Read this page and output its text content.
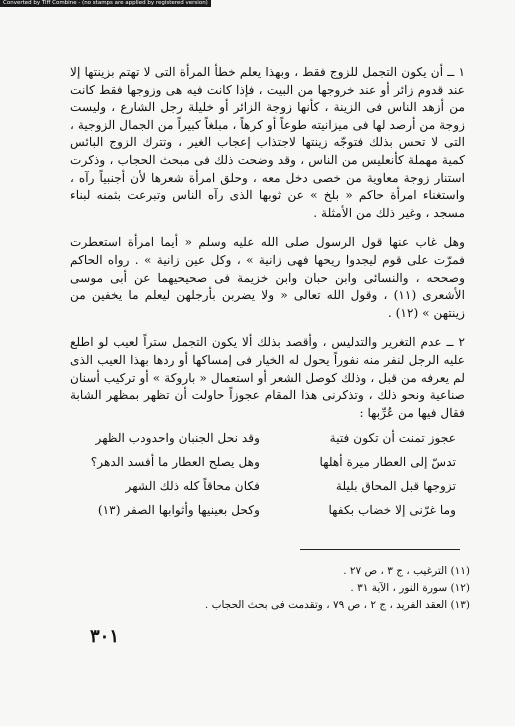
Converted by Tiff Combine - (no stamps are applied by registered version)

١ ــ أن يكون التجمل للزوج فقط ، وبهذا يعلم خطأ المرأة التى لا تهتم بزينتها إلا عند قدوم زائر أو عند خروجها من البيت ، فإذا كانت فيه هى وزوجها فقط كانت من أزهد الناس فى الزينة ، كأنها زوجة الزائر أو خليلة رجل الشارع ، وليست زوجة من أرصد لها فى ميزانيته طوعاً أو كرهاً ، مبلغاً كبيراً من الجمال الزوجية ، التى لا تحس بذلك فتوجّه زينتها لاجتذاب إعجاب الغير ، وتترك الزوج البائس كمية مهملة كأنعليس من الناس ، وقد وضحت ذلك فى مبحث الحجاب ، وذكرت استنار زوجة معاوية من خصى دخل معه ، وحلق امرأة شعرها لأن أجنبياً رآه ، واستغناء امرأة حاكم « بلخ » عن ثوبها الذى رآه الناس وتبرعت بثمنه لبناء مسجد ، وغير ذلك من الأمثلة .

وهل غاب عنها قول الرسول صلى الله عليه وسلم « أيما امرأة استعطرت فمرّت على قوم ليجدوا ريحها فهى زانية » ، وكل عين زانية » . رواه الحاكم وصححه ، والنسائى وابن حبان وابن خزيمة فى صحيحيهما عن أبى موسى الأشعرى (١١) ، وقول الله تعالى « ولا يضربن بأرجلهن ليعلم ما يخفين من زينتهن » (١٢) .

٢ ــ عدم التغرير والتدليس ، وأقصد بذلك ألا يكون التجمل ستراً لعيب لو اطلع عليه الرجل لنفر منه نفوراً يحول له الخيار فى إمساكها أو ردها بهذا العيب الذى لم يعرفه من قبل ، وذلك كوصل الشعر أو استعمال « باروكة » أو تركيب أسنان صناعية ونحو ذلك ، وتذكرنى هذا المقام عجوزاً حاولت أن تظهر بمظهر الشابة فقال فيها من عُرِّبها :

عجوز تمنت أن تكون فتية
وقد نحل الجنبان واحدودب الظهر
تدسّ إلى العطار ميرة أهلها
وهل يصلح العطار ما أفسد الدهر؟
تزوجها قبل المحاق بليلة
فكان محاقاً كله ذلك الشهر
وما غرّنى إلا خضاب بكفها
وكحل بعينيها وأثوابها الصفر (١٣)
(١١) الترغيب ، ج ٣ ، ص ٢٧ .
(١٢) سورة النور ، الآية ٣١ .
(١٣) العقد الفريد ، ج ٢ ، ص ٧٩ ، وتقدمت فى بحث الحجاب .
٣٠١
